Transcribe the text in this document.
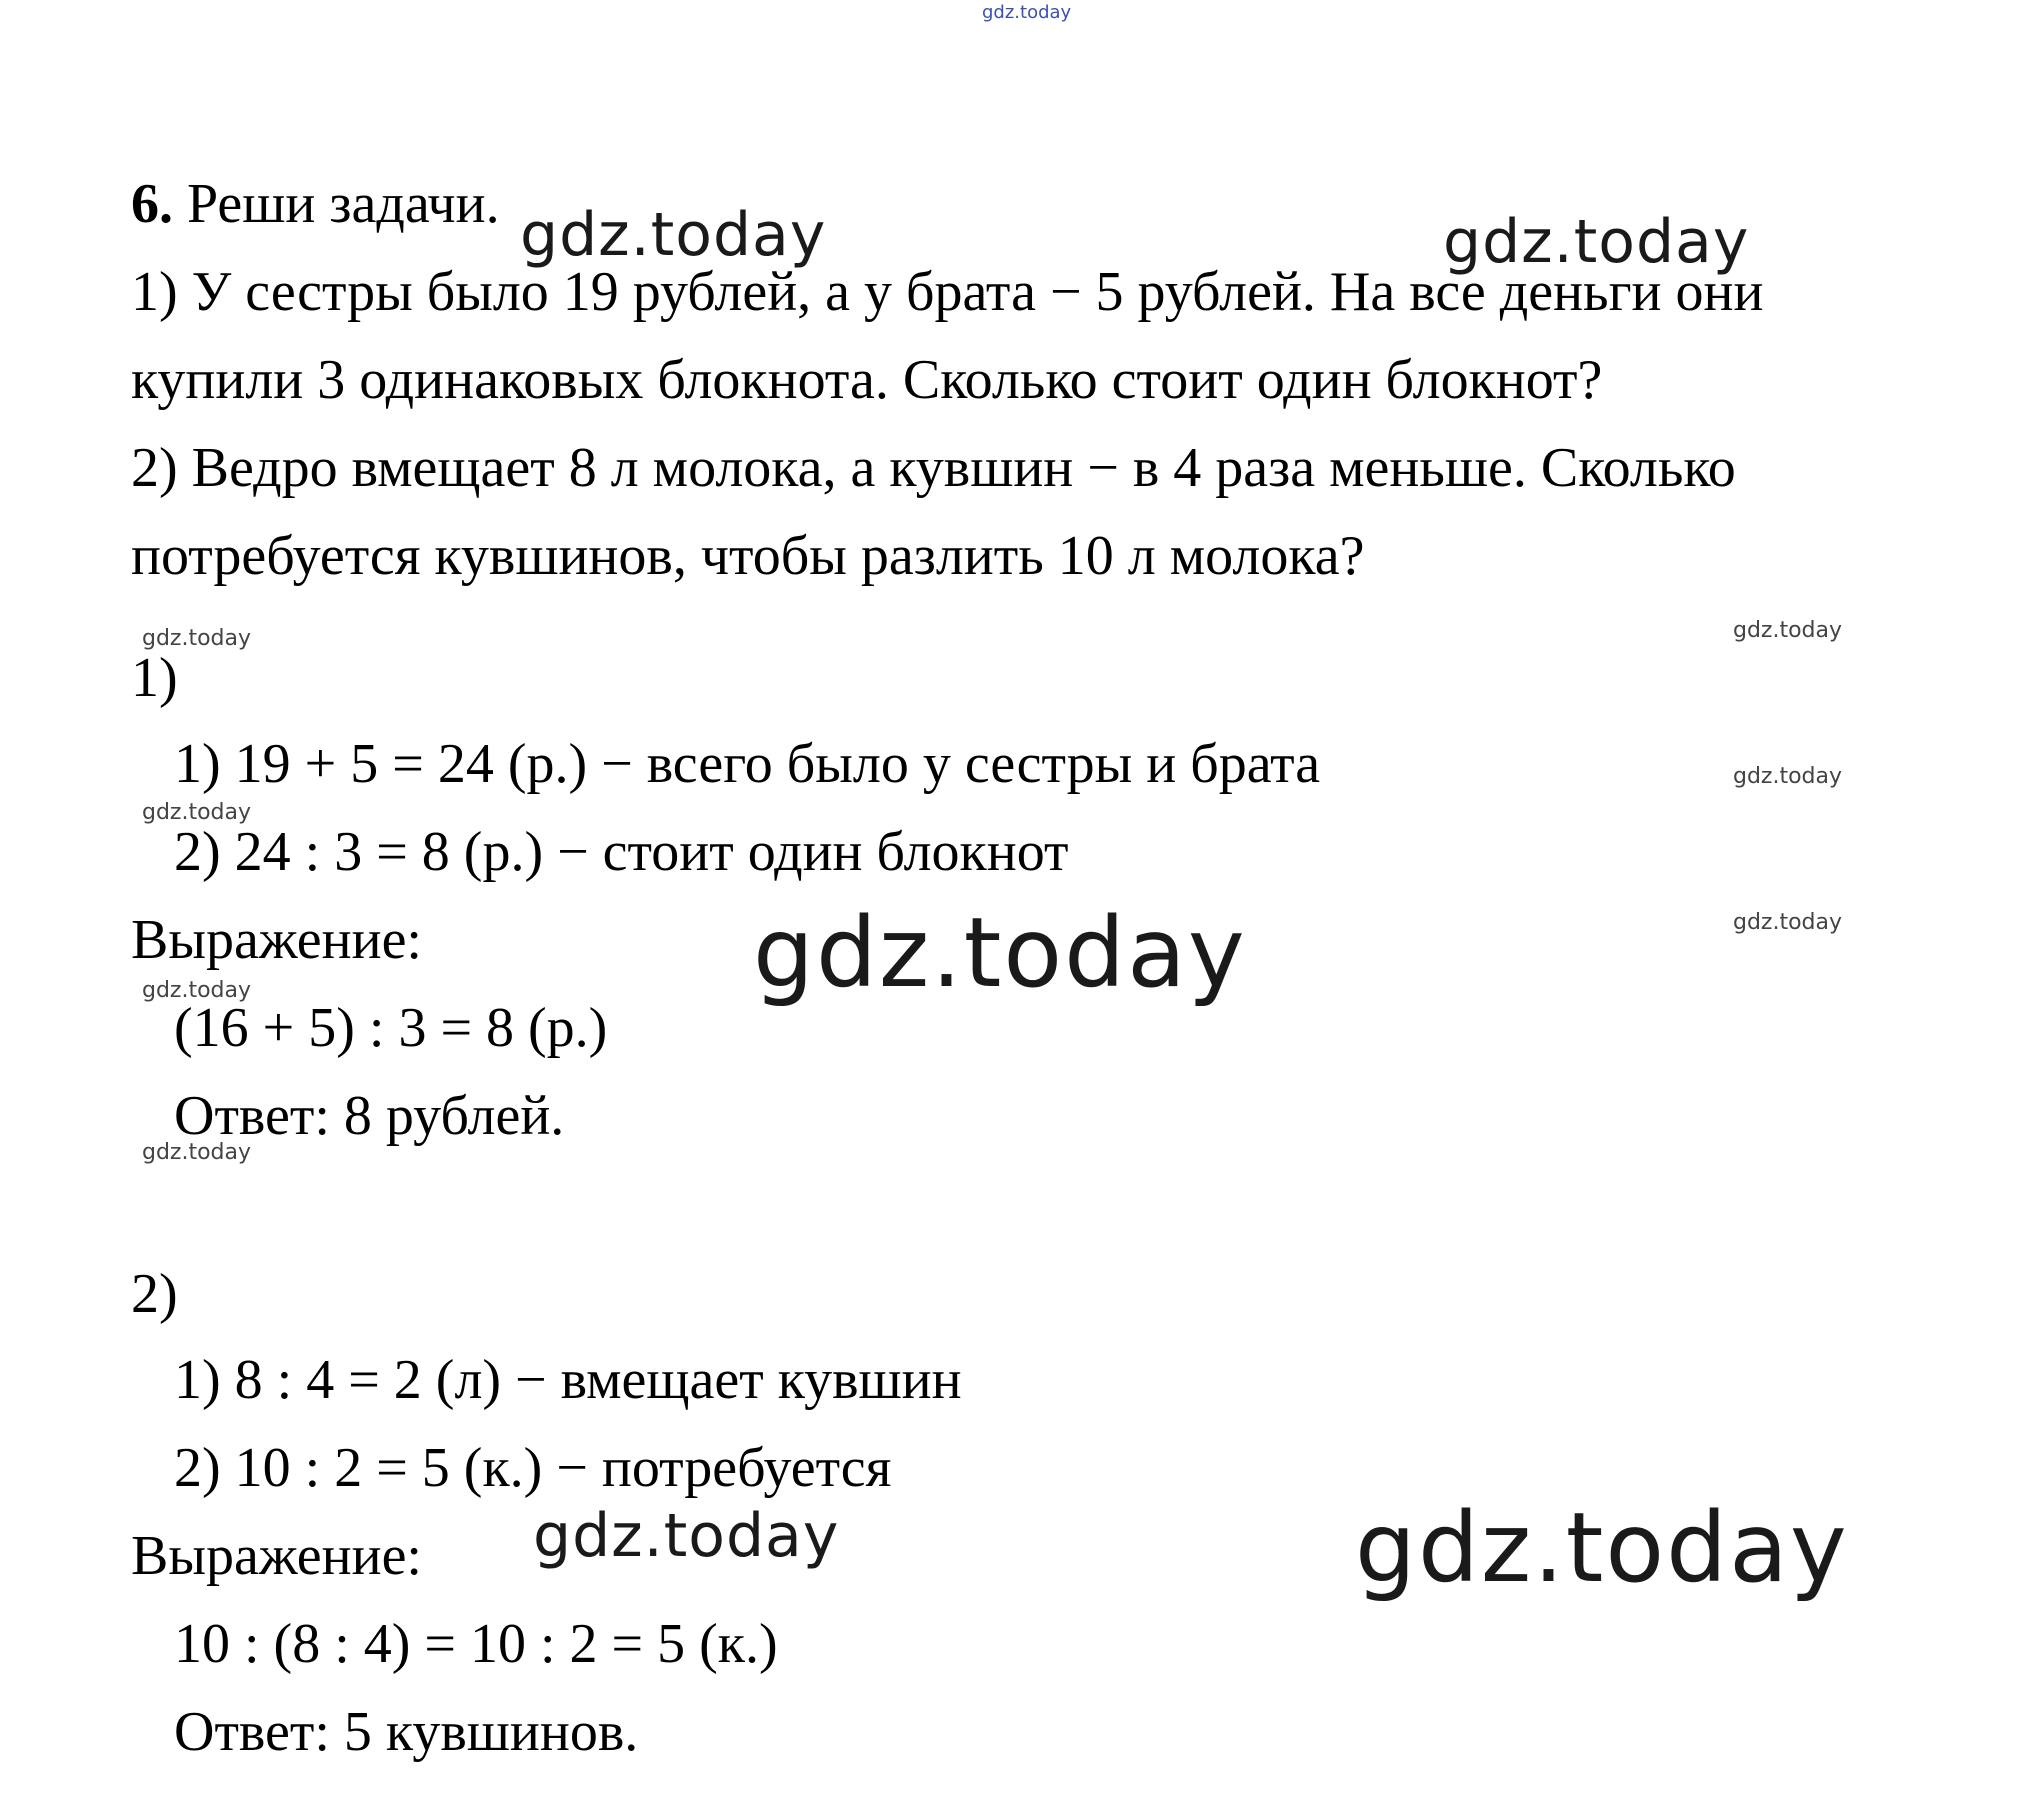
gdz.today
gdz.today	gdz.today
gdz.today	gdz.today
gdz.today
gdz.today
gdz.today
gdz.today
gdz.today
gdz.today
gdz.today	gdz.today
6. Реши задачи.
1) У сестры было 19 рублей, а у брата − 5 рублей. На все деньги они
купили 3 одинаковых блокнота. Сколько стоит один блокнот?
2) Ведро вмещает 8 л молока, а кувшин − в 4 раза меньше. Сколько
потребуется кувшинов, чтобы разлить 10 л молока?
1)
1) 19 + 5 = 24 (р.) − всего было у сестры и брата
2) 24 : 3 = 8 (р.) − стоит один блокнот
Выражение:
(16 + 5) : 3 = 8 (р.)
Ответ: 8 рублей.
2)
1) 8 : 4 = 2 (л) − вмещает кувшин
2) 10 : 2 = 5 (к.) − потребуется
Выражение:
10 : (8 : 4) = 10 : 2 = 5 (к.)
Ответ: 5 кувшинов.
